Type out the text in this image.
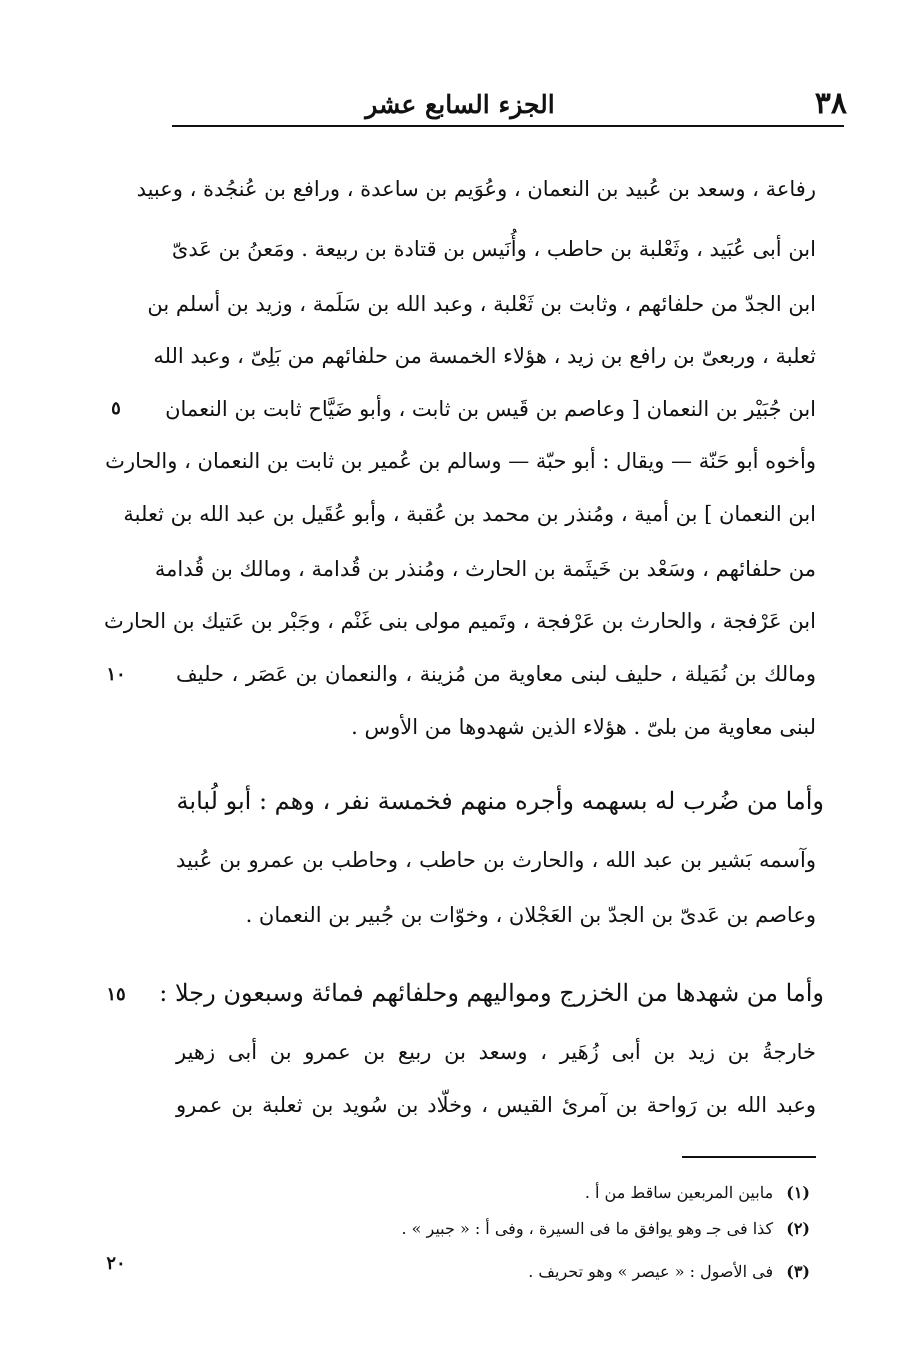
٣٨
الجزء السابع عشر
رفاعة ، وسعد بن عُبيد بن النعمان ، وعُوَيم بن ساعدة ، ورافع بن عُنجُدة ، وعبيد
ابن أبى عُبَيد ، وثَعْلبة بن حاطب ، وأُنَيس بن قتادة بن ربيعة . ومَعنُ بن عَدىّ
ابن الجدّ من حلفائهم ، وثابت بن ثَعْلبة ، وعبد الله بن سَلَمة ، وزيد بن أسلم بن
ثعلبة ، وربعىّ بن رافع بن زيد ، هؤلاء الخمسة من حلفائهم من بَلِىّ ، وعبد الله
ابن جُبَيْر بن النعمان [ وعاصم بن قَيس بن ثابت ، وأبو ضَيَّاح ثابت بن النعمان
وأخوه أبو حَنّة — ويقال : أبو حبّة — وسالم بن عُمير بن ثابت بن النعمان ، والحارث
ابن النعمان ] بن أمية ، ومُنذر بن محمد بن عُقبة ، وأبو عُقَيل بن عبد الله بن ثعلبة
من حلفائهم ، وسَعْد بن خَيثَمة بن الحارث ، ومُنذر بن قُدامة ، ومالك بن قُدامة
ابن عَرْفجة ، والحارث بن عَرْفجة ، وتَميم مولى بنى غَنْم ، وجَبْر بن عَتيك بن الحارث
ومالك بن نُمَيلة ، حليف لبنى معاوية من مُزينة ، والنعمان بن عَصَر ، حليف
لبنى معاوية من بلىّ . هؤلاء الذين شهدوها من الأوس .
وأما من ضُرب له بسهمه وأجره منهم فخمسة نفر ، وهم : أبو لُبابة
وآسمه بَشير بن عبد الله ، والحارث بن حاطب ، وحاطب بن عمرو بن عُبيد
وعاصم بن عَدىّ بن الجدّ بن العَجْلان ، وخوّات بن جُبير بن النعمان .
وأما من شهدها من الخزرج ومواليهم وحلفائهم فمائة وسبعون رجلا :
خارجةُ بن زيد بن أبى زُهَير ، وسعد بن ربيع بن عمرو بن أبى زهير
وعبد الله بن رَواحة بن آمرئ القيس ، وخلّاد بن سُويد بن ثعلبة بن عمرو
٥
١٠
١٥
٢٠
(١) مابين المربعين ساقط من أ .
(٢) كذا فى جـ وهو يوافق ما فى السيرة ، وفى أ : « جبير » .
(٣) فى الأصول : « عيصر » وهو تحريف .
